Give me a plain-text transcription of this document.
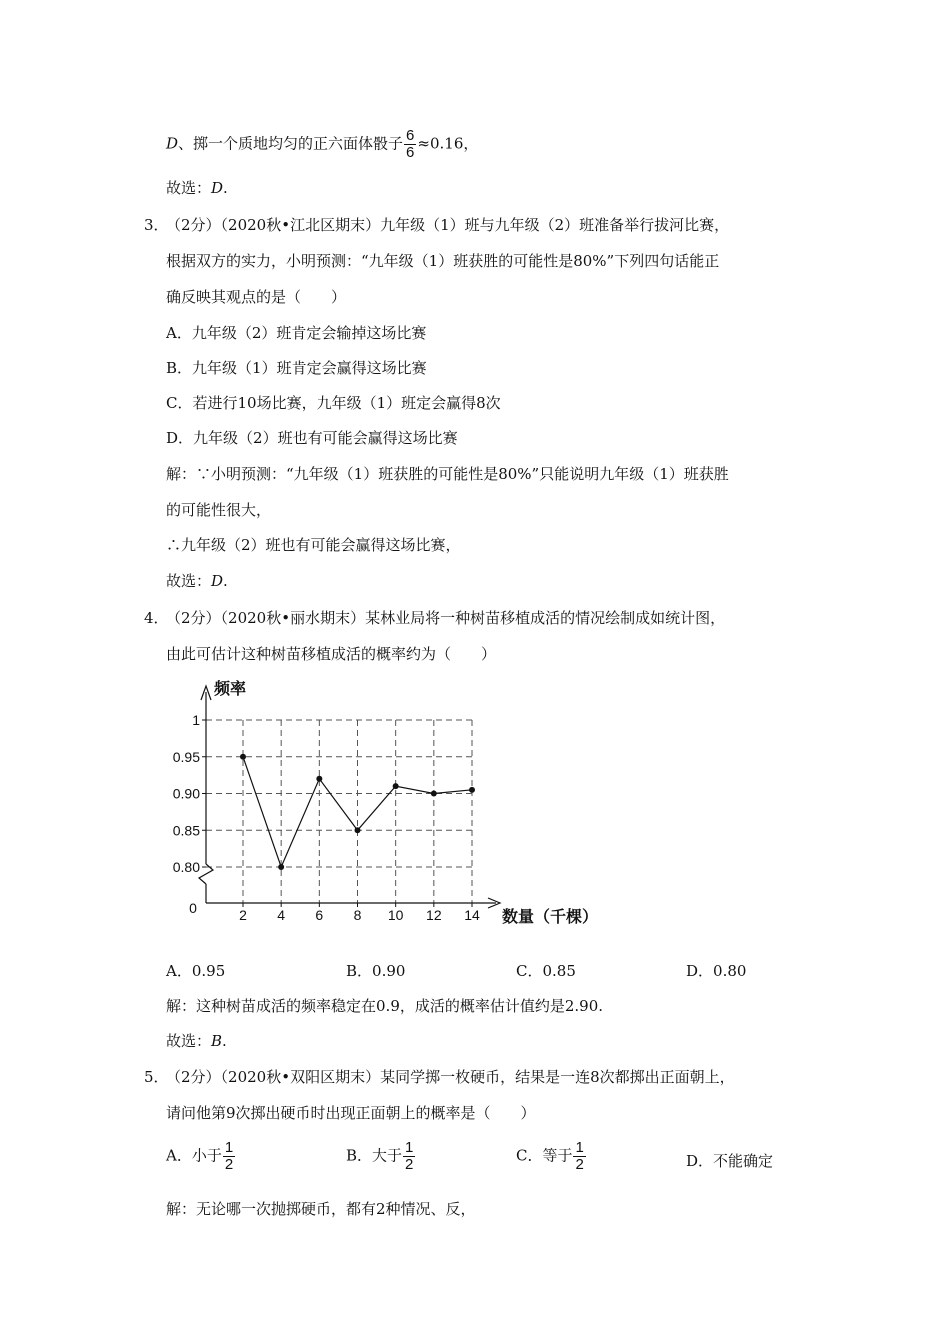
D、掷一个质地均匀的正六面体骰子 $\frac{6}{6} \approx 0.16$，
故选：D.
3．
（2分）（2020秋•江北区期末）九年级（1）班与九年级（2）班准备举行拔河比赛，
根据双方的实力，小明预测：“九年级（1）班获胜的可能性是80%”下列四句话能正
确反映其观点的是（　　）
A．九年级（2）班肯定会输掉这场比赛
B．九年级（1）班肯定会赢得这场比赛
C．若进行10场比赛，九年级（1）班定会赢得8次
D．九年级（2）班也有可能会赢得这场比赛
解：∵小明预测：“九年级（1）班获胜的可能性是80%”只能说明九年级（1）班获胜
的可能性很大，
∴九年级（2）班也有可能会赢得这场比赛，
故选：D.
4．
（2分）（2020秋•丽水期末）某林业局将一种树苗移植成活的情况绘制成如统计图，
由此可估计这种树苗移植成活的概率约为（　　）
频率
数量（千棵）
0
0.80
0.85
0.90
0.95
1
2 4 6 8 10 12 14
A．0.95	B．0.90	C．0.85	D．0.80
解：这种树苗成活的频率稳定在0.9，成活的概率估计值约是2.90.
故选：B.
5．
（2分）（2020秋•双阳区期末）某同学掷一枚硬币，结果是一连8次都掷出正面朝上，
请问他第9次掷出硬币时出现正面朝上的概率是（　　）
A．小于 $\frac{1}{2}$	B．大于 $\frac{1}{2}$	C．等于 $\frac{1}{2}$	D．不能确定
解：无论哪一次抛掷硬币，都有2种情况、反，
